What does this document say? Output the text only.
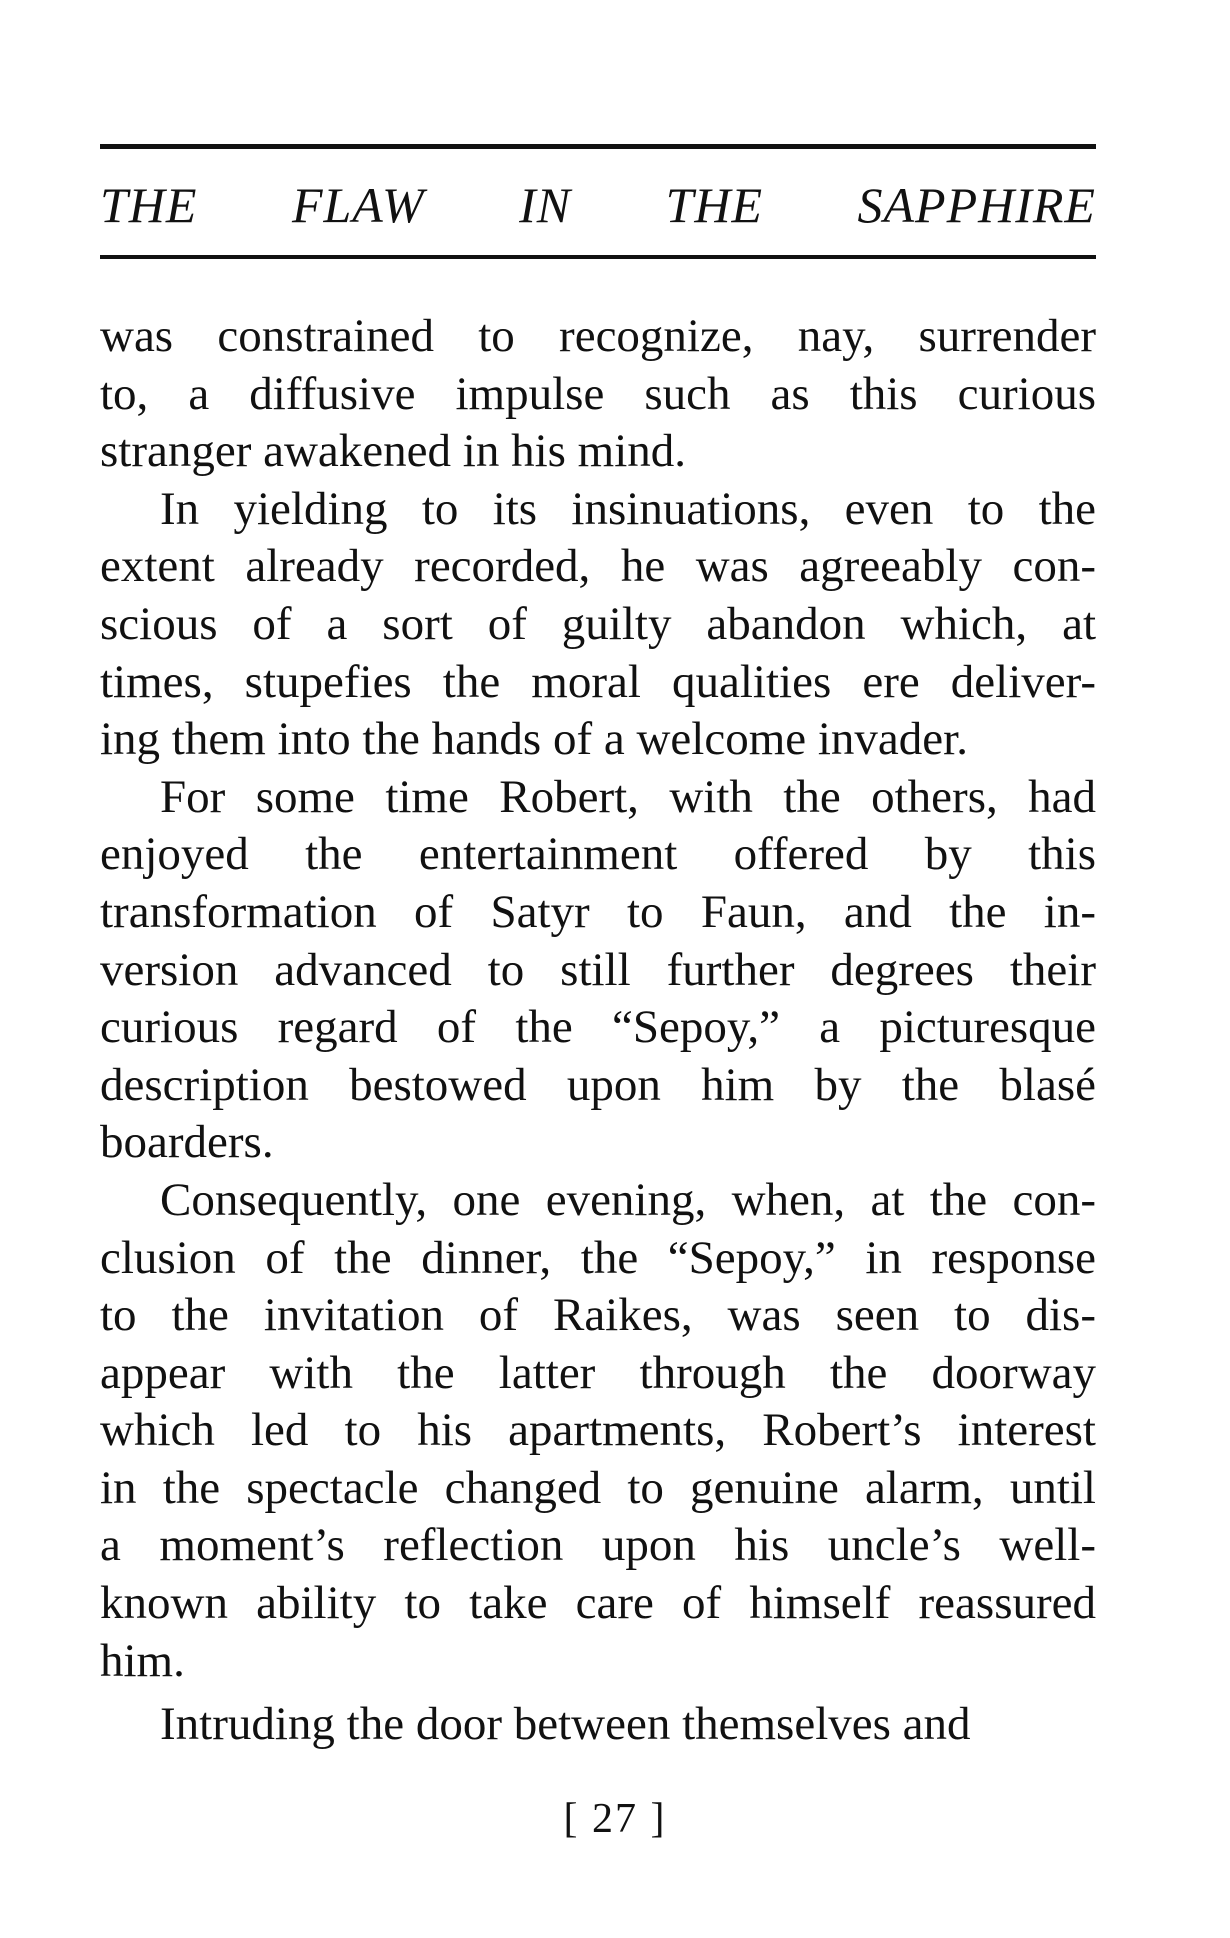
THE FLAW IN THE SAPPHIRE
was constrained to recognize, nay, surrender
to, a diffusive impulse such as this curious
stranger awakened in his mind.
In yielding to its insinuations, even to the
extent already recorded, he was agreeably con-
scious of a sort of guilty abandon which, at
times, stupefies the moral qualities ere deliver-
ing them into the hands of a welcome invader.
For some time Robert, with the others, had
enjoyed the entertainment offered by this
transformation of Satyr to Faun, and the in-
version advanced to still further degrees their
curious regard of the “Sepoy,” a picturesque
description bestowed upon him by the blasé
boarders.
Consequently, one evening, when, at the con-
clusion of the dinner, the “Sepoy,” in response
to the invitation of Raikes, was seen to dis-
appear with the latter through the doorway
which led to his apartments, Robert’s interest
in the spectacle changed to genuine alarm, until
a moment’s reflection upon his uncle’s well-
known ability to take care of himself reassured
him.
Intruding the door between themselves and
[ 27 ]
